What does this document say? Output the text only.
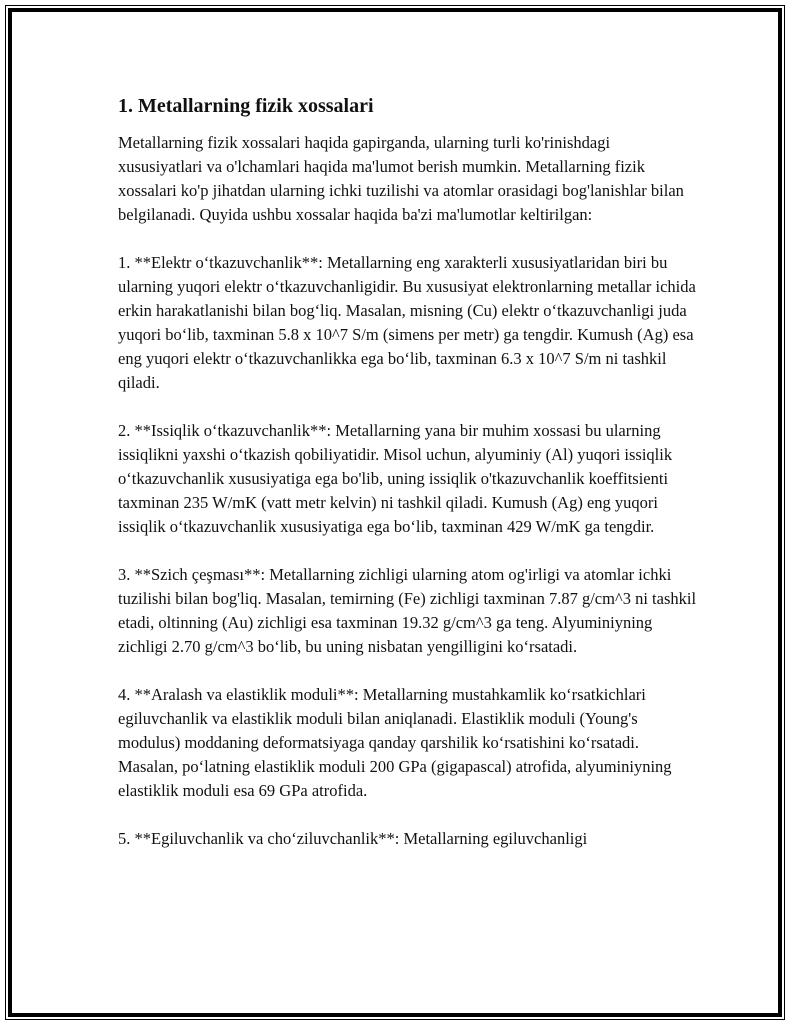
1. Metallarning fizik xossalari

Metallarning fizik xossalari haqida gapirganda, ularning turli ko'rinishdagi xususiyatlari va o'lchamlari haqida ma'lumot berish mumkin. Metallarning fizik xossalari ko'p jihatdan ularning ichki tuzilishi va atomlar orasidagi bog'lanishlar bilan belgilanadi. Quyida ushbu xossalar haqida ba'zi ma'lumotlar keltirilgan:

1. **Elektr o‘tkazuvchanlik**: Metallarning eng xarakterli xususiyatlaridan biri bu ularning yuqori elektr o‘tkazuvchanligidir. Bu xususiyat elektronlarning metallar ichida erkin harakatlanishi bilan bog‘liq. Masalan, misning (Cu) elektr o‘tkazuvchanligi juda yuqori bo‘lib, taxminan 5.8 x 10^7 S/m (simens per metr) ga tengdir. Kumush (Ag) esa eng yuqori elektr o‘tkazuvchanlikka ega bo‘lib, taxminan 6.3 x 10^7 S/m ni tashkil qiladi.

2. **Issiqlik o‘tkazuvchanlik**: Metallarning yana bir muhim xossasi bu ularning issiqlikni yaxshi o‘tkazish qobiliyatidir. Misol uchun, alyuminiy (Al) yuqori issiqlik o‘tkazuvchanlik xususiyatiga ega bo'lib, uning issiqlik o'tkazuvchanlik koeffitsienti taxminan 235 W/mK (vatt metr kelvin) ni tashkil qiladi. Kumush (Ag) eng yuqori issiqlik o‘tkazuvchanlik xususiyatiga ega bo‘lib, taxminan 429 W/mK ga tengdir.

3. **Szich çeşması**: Metallarning zichligi ularning atom og'irligi va atomlar ichki tuzilishi bilan bog'liq. Masalan, temirning (Fe) zichligi taxminan 7.87 g/cm^3 ni tashkil etadi, oltinning (Au) zichligi esa taxminan 19.32 g/cm^3 ga teng. Alyuminiyning zichligi 2.70 g/cm^3 bo‘lib, bu uning nisbatan yengilligini ko‘rsatadi.

4. **Aralash va elastiklik moduli**: Metallarning mustahkamlik ko‘rsatkichlari egiluvchanlik va elastiklik moduli bilan aniqlanadi. Elastiklik moduli (Young's modulus) moddaning deformatsiyaga qanday qarshilik ko‘rsatishini ko‘rsatadi. Masalan, po‘latning elastiklik moduli 200 GPa (gigapascal) atrofida, alyuminiyning elastiklik moduli esa 69 GPa atrofida.

5. **Egiluvchanlik va cho‘ziluvchanlik**: Metallarning egiluvchanligi
